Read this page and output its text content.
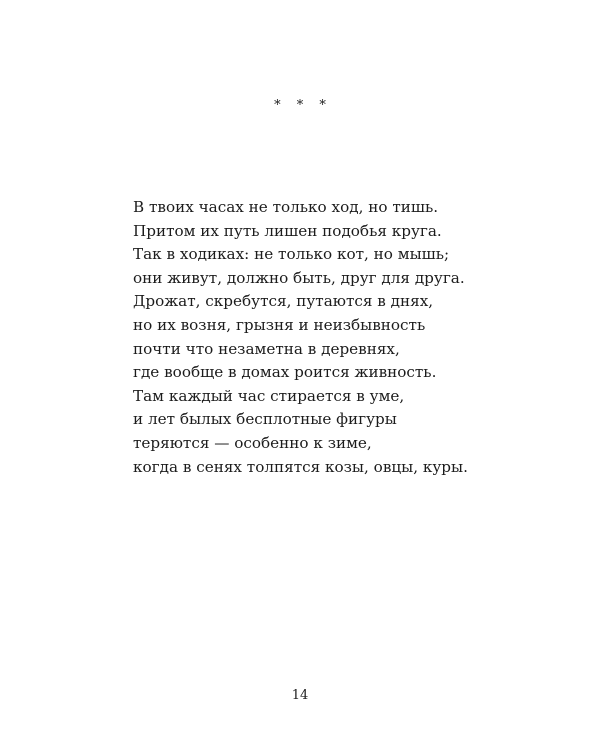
* * *
В твоих часах не только ход, но тишь.
Притом их путь лишен подобья круга.
Так в ходиках: не только кот, но мышь;
они живут, должно быть, друг для друга.
Дрожат, скребутся, путаются в днях,
но их возня, грызня и неизбывность
почти что незаметна в деревнях,
где вообще в домах роится живность.
Там каждый час стирается в уме,
и лет былых бесплотные фигуры
теряются — особенно к зиме,
когда в сенях толпятся козы, овцы, куры.
14
